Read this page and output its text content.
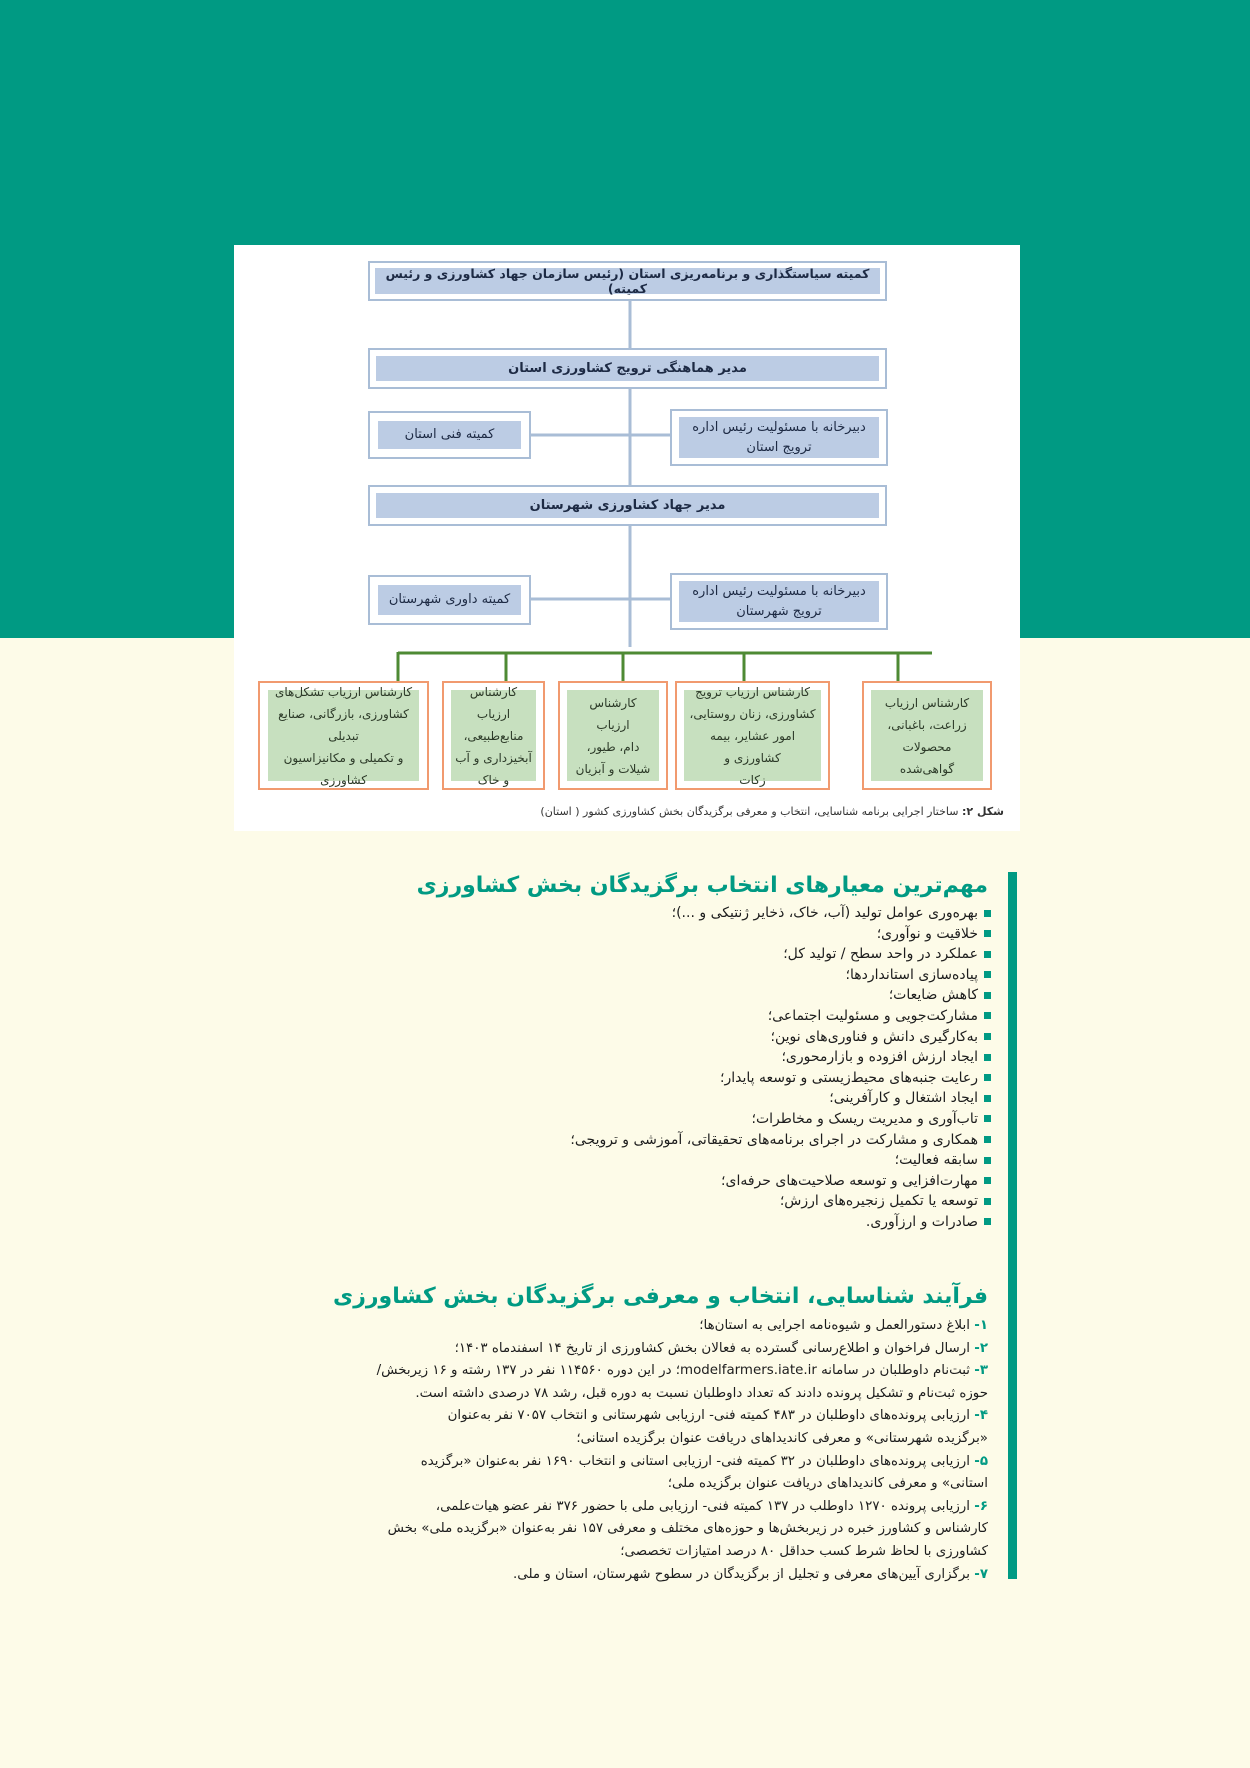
کمیته سیاستگذاری و برنامه‌ریزی استان (رئیس سازمان جهاد کشاورزی و رئیس کمیته)
مدیر هماهنگی ترویج کشاورزی استان
کمیته فنی استان	دبیرخانه با مسئولیت رئیس اداره
ترویج استان
مدیر جهاد کشاورزی شهرستان
کمیته داوری شهرستان
دبیرخانه با مسئولیت رئیس اداره
ترویج شهرستان
کارشناس ارزیاب تشکل‌های
کشاورزی، بازرگانی، صنایع تبدیلی
و تکمیلی و مکانیزاسیون
کشاورزی
کارشناس ارزیاب
منابع‌طبیعی،
آبخیزداری و آب
و خاک
کارشناس ارزیاب
دام، طیور،
شیلات و آبزیان
کارشناس ارزیاب ترویج
کشاورزی، زنان روستایی،
امور عشایر، بیمه کشاورزی و
زکات
کارشناس ارزیاب
زراعت، باغبانی،
محصولات گواهی‌شده
شکل ۲: ساختار اجرایی برنامه شناسایی، انتخاب و معرفی برگزیدگان بخش کشاورزی کشور ( استان)
مهم‌ترین معیارهای انتخاب برگزیدگان بخش کشاورزی
بهره‌وری عوامل تولید (آب، خاک، ذخایر ژنتیکی و ...)؛
خلاقیت و نوآوری؛
عملکرد در واحد سطح / تولید کل؛
پیاده‌سازی استانداردها؛
کاهش ضایعات؛
مشارکت‌جویی و مسئولیت اجتماعی؛
به‌کارگیری دانش و فناوری‌های نوین؛
ایجاد ارزش افزوده و بازارمحوری؛
رعایت جنبه‌های محیط‌زیستی و توسعه پایدار؛
ایجاد اشتغال و کارآفرینی؛
تاب‌آوری و مدیریت ریسک و مخاطرات؛
همکاری و مشارکت در اجرای برنامه‌های تحقیقاتی، آموزشی و ترویجی؛
سابقه فعالیت؛
مهارت‌افزایی و توسعه صلاحیت‌های حرفه‌ای؛
توسعه یا تکمیل زنجیره‌های ارزش؛
صادرات و ارزآوری.
فرآیند شناسایی، انتخاب و معرفی برگزیدگان بخش کشاورزی

۱- ابلاغ دستورالعمل و شیوه‌نامه اجرایی به استان‌ها؛

۲- ارسال فراخوان و اطلاع‌رسانی گسترده به فعالان بخش کشاورزی از تاریخ ۱۴ اسفندماه ۱۴۰۳؛

۳- ثبت‌نام داوطلبان در سامانه modelfarmers.iate.ir؛ در این دوره ۱۱۴۵۶۰ نفر در ۱۳۷ رشته و ۱۶ زیربخش/
حوزه ثبت‌نام و تشکیل پرونده دادند که تعداد داوطلبان نسبت به دوره قبل، رشد ۷۸ درصدی داشته است.

۴- ارزیابی پرونده‌های داوطلبان در ۴۸۳ کمیته فنی- ارزیابی شهرستانی و انتخاب ۷۰۵۷ نفر به‌عنوان
«برگزیده شهرستانی» و معرفی کاندیداهای دریافت عنوان برگزیده استانی؛

۵- ارزیابی پرونده‌های داوطلبان در ۳۲ کمیته فنی- ارزیابی استانی و انتخاب ۱۶۹۰ نفر به‌عنوان «برگزیده
استانی» و معرفی کاندیداهای دریافت عنوان برگزیده ملی؛

۶- ارزیابی پرونده ۱۲۷۰ داوطلب در ۱۳۷ کمیته فنی- ارزیابی ملی با حضور ۳۷۶ نفر عضو هیات‌علمی،
کارشناس و کشاورز خبره در زیربخش‌ها و حوزه‌های مختلف و معرفی ۱۵۷ نفر به‌عنوان «برگزیده ملی» بخش
کشاورزی با لحاظ شرط کسب حداقل ۸۰ درصد امتیازات تخصصی؛

۷- برگزاری آیین‌های معرفی و تجلیل از برگزیدگان در سطوح شهرستان، استان و ملی.
